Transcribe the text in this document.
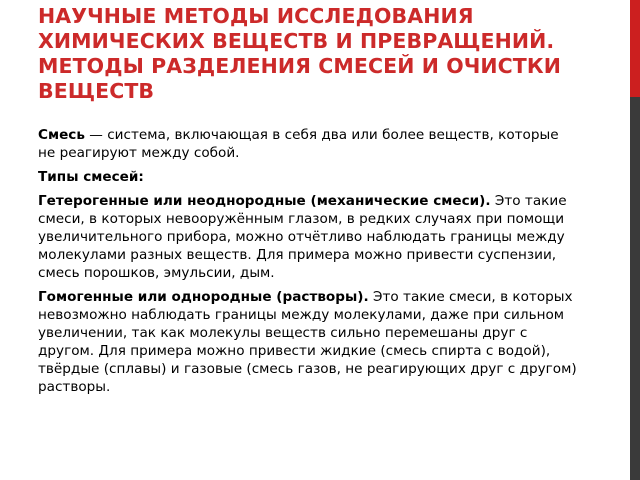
НАУЧНЫЕ МЕТОДЫ ИССЛЕДОВАНИЯ ХИМИЧЕСКИХ ВЕЩЕСТВ И ПРЕВРАЩЕНИЙ. МЕТОДЫ РАЗДЕЛЕНИЯ СМЕСЕЙ И ОЧИСТКИ ВЕЩЕСТВ

Смесь — система, включающая в себя два или более веществ, которые не реагируют между собой.

Типы смесей:

Гетерогенные или неоднородные (механические смеси). Это такие смеси, в которых невооружённым глазом, в редких случаях при помощи увеличительного прибора, можно отчётливо наблюдать границы между молекулами разных веществ. Для примера можно привести суспензии, смесь порошков, эмульсии, дым.

Гомогенные или однородные (растворы). Это такие смеси, в которых невозможно наблюдать границы между молекулами, даже при сильном увеличении, так как молекулы веществ сильно перемешаны друг с другом. Для примера можно привести жидкие (смесь спирта с водой), твёрдые (сплавы) и газовые (смесь газов, не реагирующих друг с другом) растворы.
